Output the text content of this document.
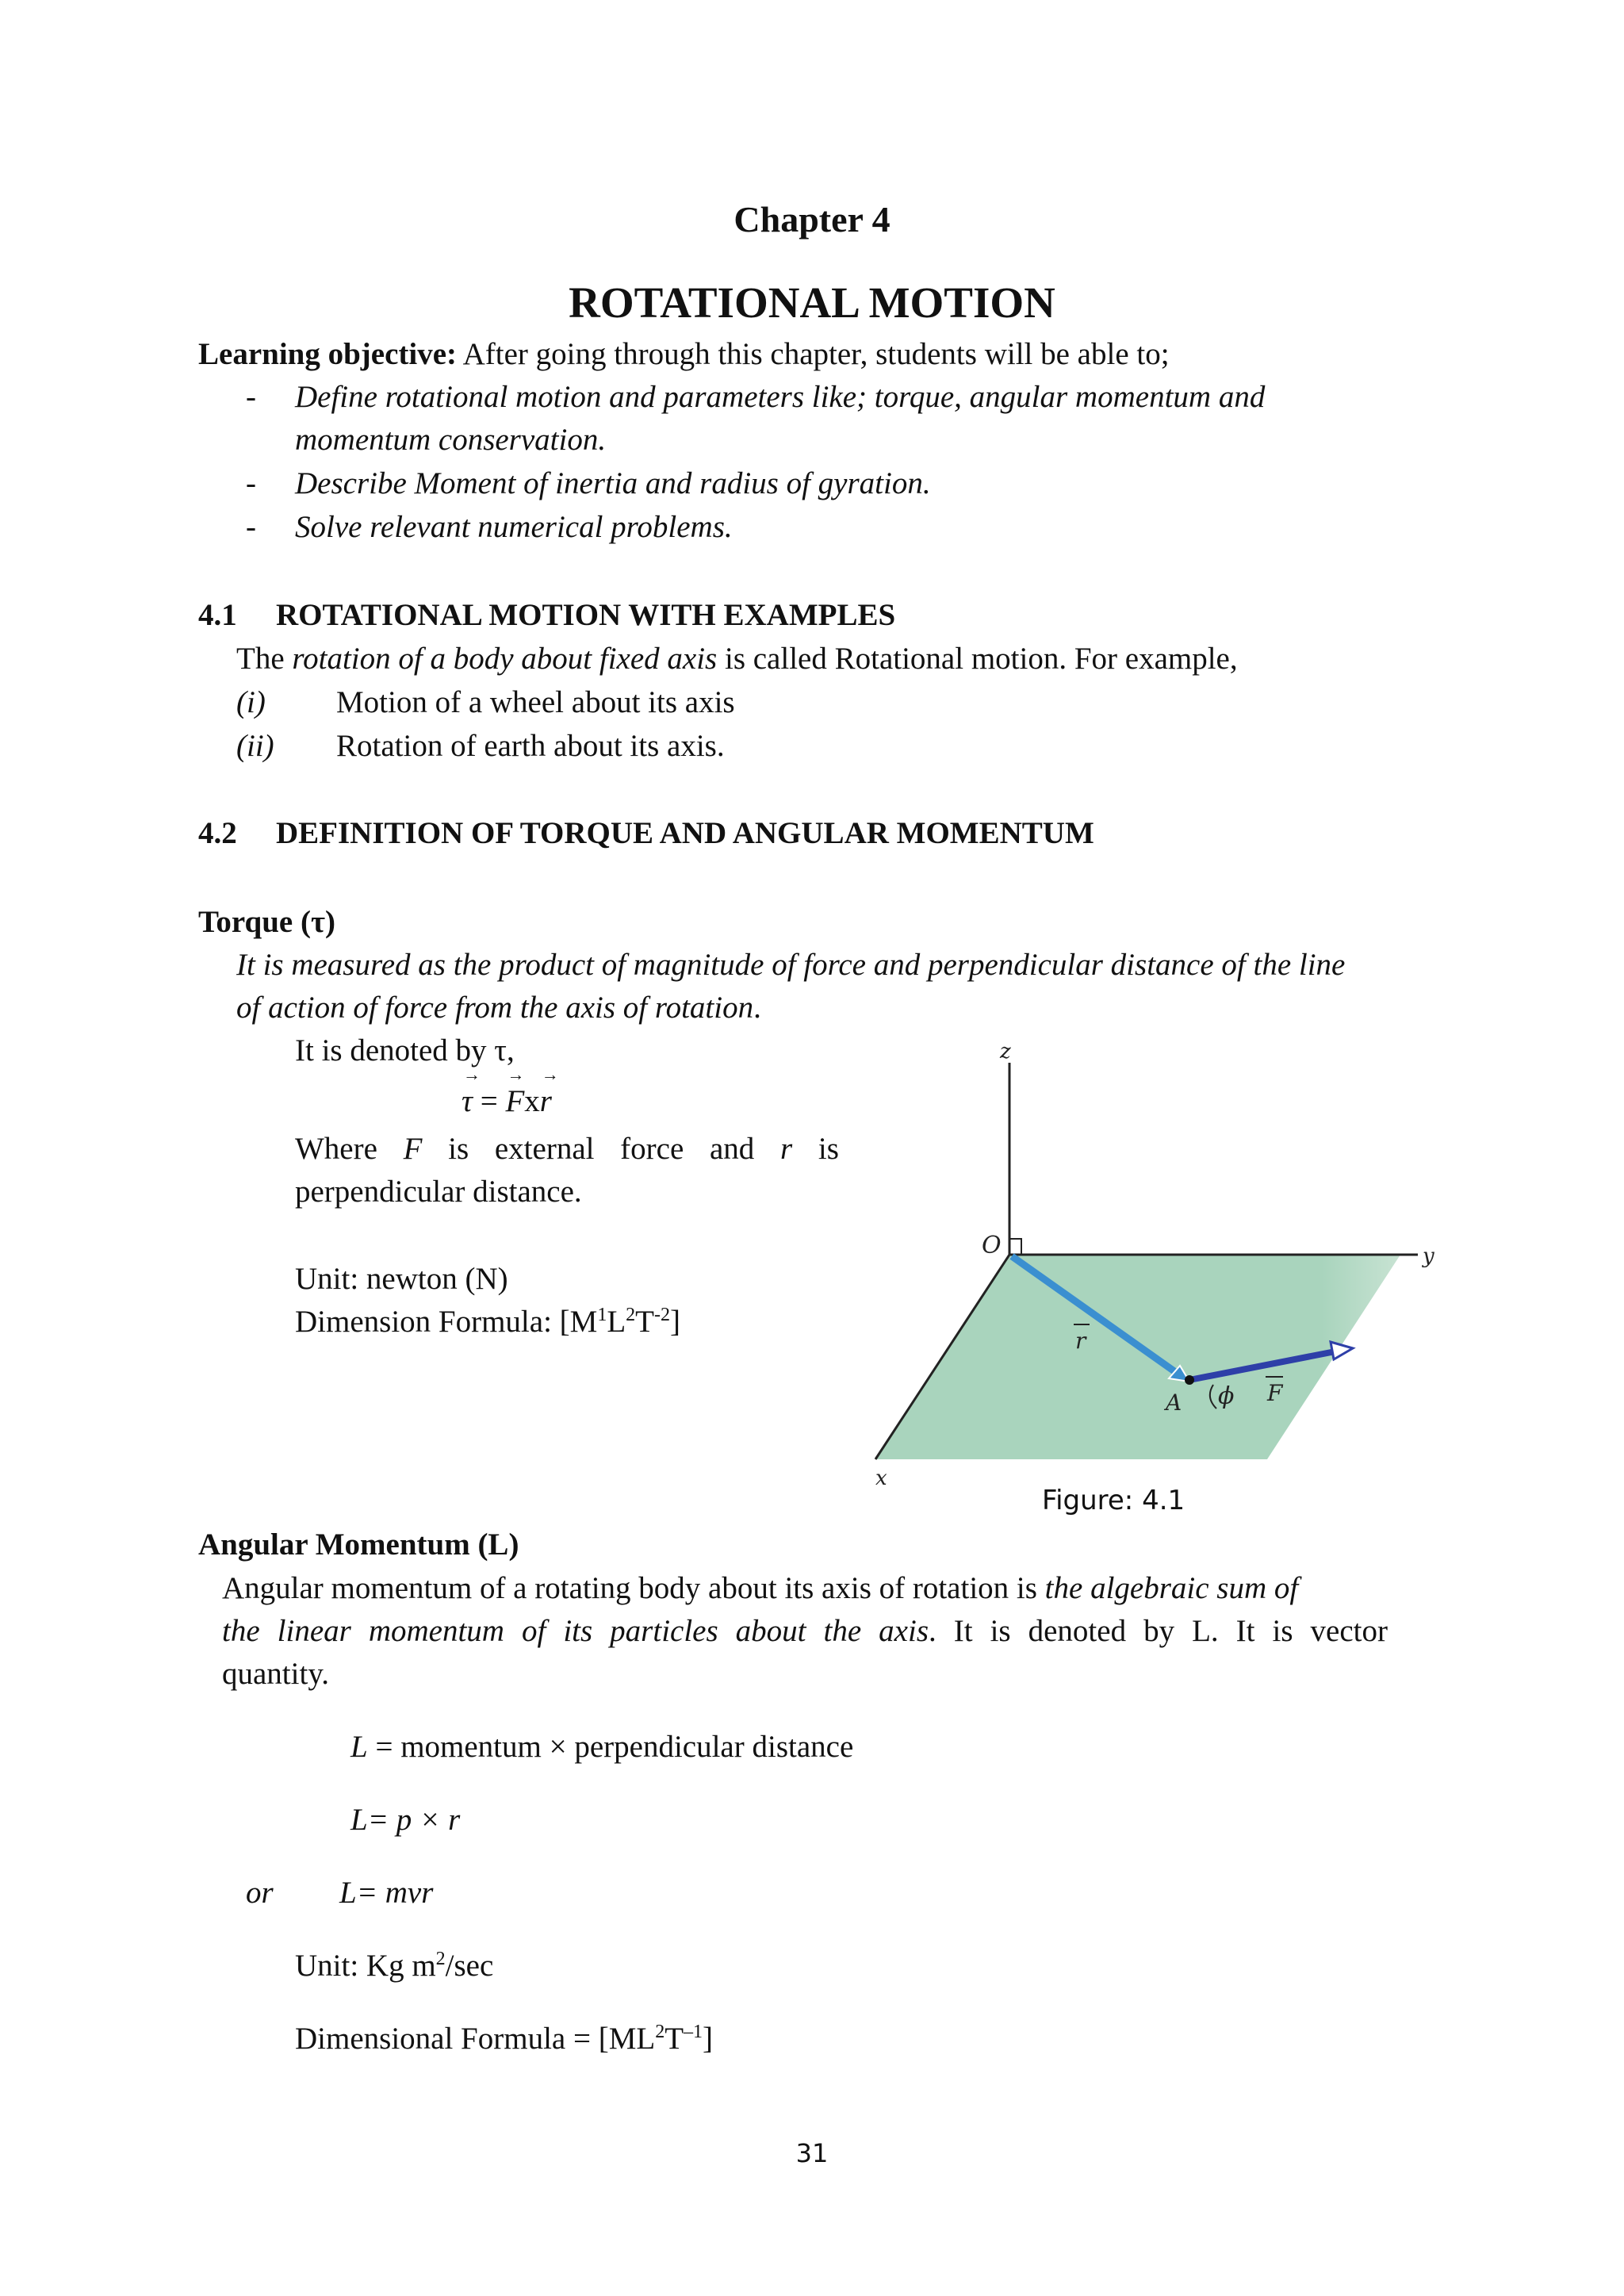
Chapter 4
ROTATIONAL MOTION
Learning objective: After going through this chapter, students will be able to;
- Define rotational motion and parameters like; torque, angular momentum and
momentum conservation.
- Describe Moment of inertia and radius of gyration.
- Solve relevant numerical problems.
4.1 ROTATIONAL MOTION WITH EXAMPLES
The rotation of a body about fixed axis is called Rotational motion. For example,
(i) Motion of a wheel about its axis
(ii) Rotation of earth about its axis.
4.2 DEFINITION OF TORQUE AND ANGULAR MOMENTUM
Torque (τ)
It is measured as the product of magnitude of force and perpendicular distance of the line
of action of force from the axis of rotation.
It is denoted by τ,
→ τ = → Fx→ r
Where F is external force and r is
perpendicular distance.
Unit: newton (N)
Dimension Formula: $[M^1L^2T^{-2}]$
z
y
x
O
A
r
F
ϕ
Figure: 4.1
Angular Momentum (L)
Angular momentum of a rotating body about its axis of rotation is the algebraic sum of
the linear momentum of its particles about the axis. It is denoted by L. It is vector
quantity.
L = momentum × perpendicular distance
L= p × r
or L= mvr
Unit: Kg $m^2/\sec$
Dimensional Formula = $[ML^2T^{-1}]$
31
